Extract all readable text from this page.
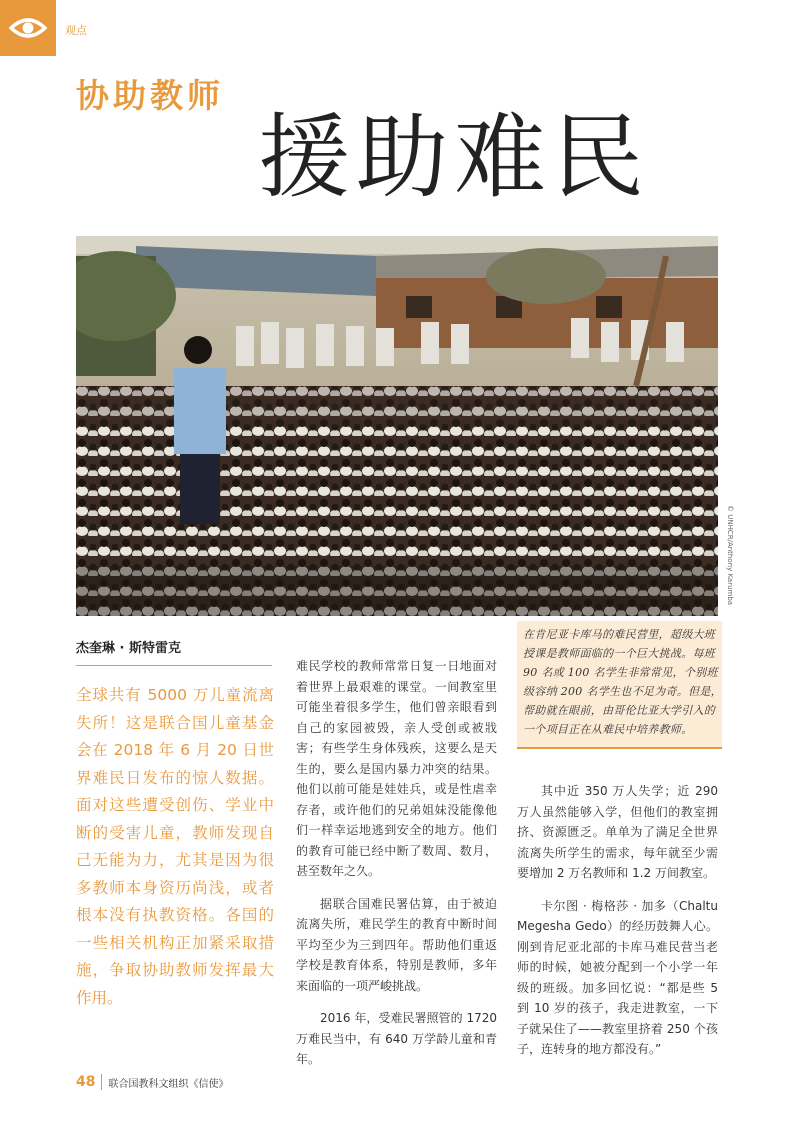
观点
协助教师
援助难民
© UNHCR/Anthony Karumba
杰奎琳 · 斯特雷克
全球共有 5000 万儿童流离失所！这是联合国儿童基金会在 2018 年 6 月 20 日世界难民日发布的惊人数据。面对这些遭受创伤、学业中断的受害儿童，教师发现自己无能为力，尤其是因为很多教师本身资历尚浅，或者根本没有执教资格。各国的一些相关机构正加紧采取措施，争取协助教师发挥最大作用。

难民学校的教师常常日复一日地面对着世界上最艰难的课堂。一间教室里可能坐着很多学生，他们曾亲眼看到自己的家园被毁，亲人受创或被戕害；有些学生身体残疾，这要么是天生的，要么是国内暴力冲突的结果。他们以前可能是娃娃兵，或是性虐幸存者，或许他们的兄弟姐妹没能像他们一样幸运地逃到安全的地方。他们的教育可能已经中断了数周、数月，甚至数年之久。

据联合国难民署估算，由于被迫流离失所，难民学生的教育中断时间平均至少为三到四年。帮助他们重返学校是教育体系，特别是教师，多年来面临的一项严峻挑战。

2016 年，受难民署照管的 1720 万难民当中，有 640 万学龄儿童和青年。

在肯尼亚卡库马的难民营里，超级大班授课是教师面临的一个巨大挑战。每班 90 名或 100 名学生非常常见，个别班级容纳 200 名学生也不足为奇。但是，帮助就在眼前，由哥伦比亚大学引入的一个项目正在从难民中培养教师。

其中近 350 万人失学；近 290 万人虽然能够入学，但他们的教室拥挤、资源匮乏。单单为了满足全世界流离失所学生的需求，每年就至少需要增加 2 万名教师和 1.2 万间教室。

卡尔图 · 梅格莎 · 加多（Chaltu Megesha Gedo）的经历鼓舞人心。刚到肯尼亚北部的卡库马难民营当老师的时候，她被分配到一个小学一年级的班级。加多回忆说：“都是些 5 到 10 岁的孩子，我走进教室，一下子就呆住了——教室里挤着 250 个孩子，连转身的地方都没有。”

48 联合国教科文组织《信使》
